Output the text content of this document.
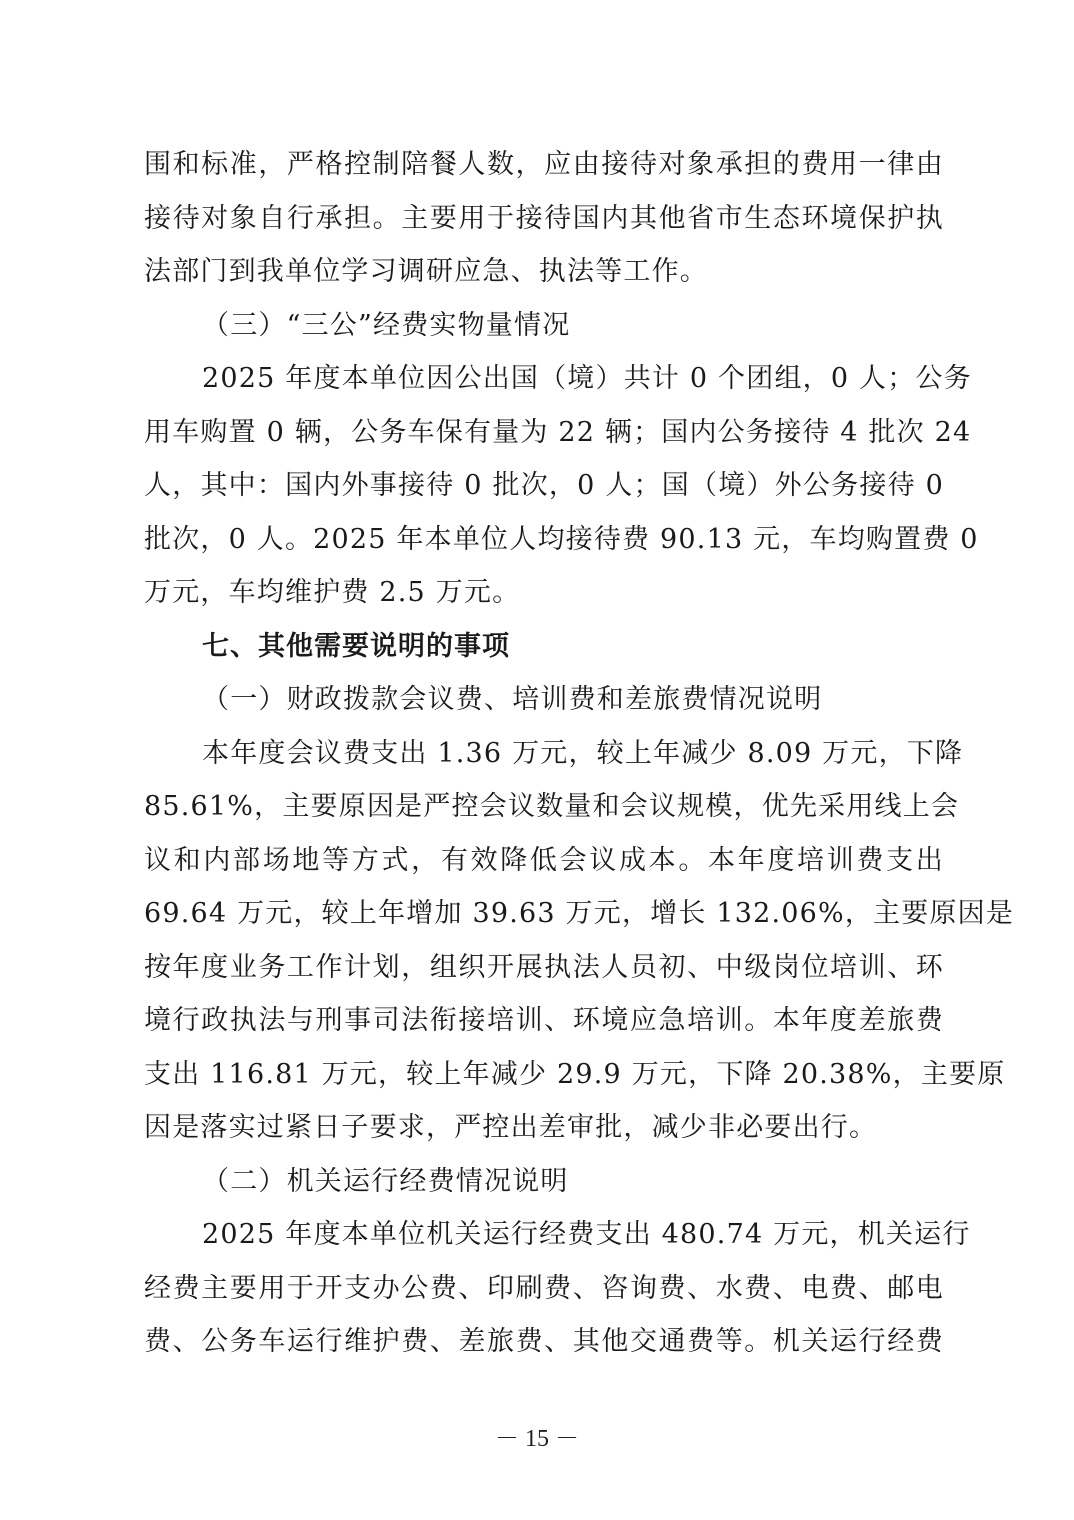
围和标准，严格控制陪餐人数，应由接待对象承担的费用一律由
接待对象自行承担。主要用于接待国内其他省市生态环境保护执
法部门到我单位学习调研应急、执法等工作。
（三）“三公”经费实物量情况
2025 年度本单位因公出国（境）共计 0 个团组，0 人；公务
用车购置 0 辆，公务车保有量为 22 辆；国内公务接待 4 批次 24
人，其中：国内外事接待 0 批次，0 人；国（境）外公务接待 0
批次，0 人。2025 年本单位人均接待费 90.13 元，车均购置费 0
万元，车均维护费 2.5 万元。
七、其他需要说明的事项
（一）财政拨款会议费、培训费和差旅费情况说明
本年度会议费支出 1.36 万元，较上年减少 8.09 万元，下降
85.61%，主要原因是严控会议数量和会议规模，优先采用线上会
议和内部场地等方式，有效降低会议成本。本年度培训费支出
69.64 万元，较上年增加 39.63 万元，增长 132.06%，主要原因是
按年度业务工作计划，组织开展执法人员初、中级岗位培训、环
境行政执法与刑事司法衔接培训、环境应急培训。本年度差旅费
支出 116.81 万元，较上年减少 29.9 万元，下降 20.38%，主要原
因是落实过紧日子要求，严控出差审批，减少非必要出行。
（二）机关运行经费情况说明
2025 年度本单位机关运行经费支出 480.74 万元，机关运行
经费主要用于开支办公费、印刷费、咨询费、水费、电费、邮电
费、公务车运行维护费、差旅费、其他交通费等。机关运行经费
－ 15 －
